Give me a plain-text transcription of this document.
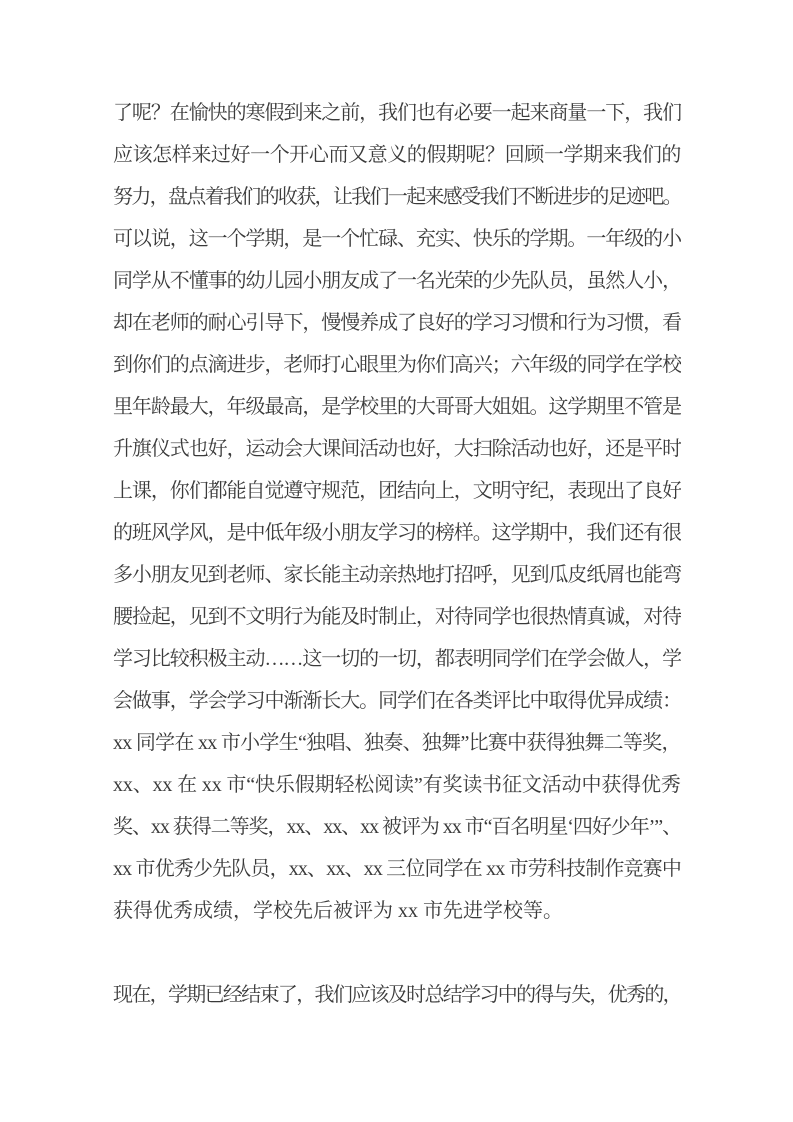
了呢？在愉快的寒假到来之前，我们也有必要一起来商量一下，我们
应该怎样来过好一个开心而又意义的假期呢？回顾一学期来我们的
努力，盘点着我们的收获，让我们一起来感受我们不断进步的足迹吧。
可以说，这一个学期，是一个忙碌、充实、快乐的学期。一年级的小
同学从不懂事的幼儿园小朋友成了一名光荣的少先队员，虽然人小，
却在老师的耐心引导下，慢慢养成了良好的学习习惯和行为习惯，看
到你们的点滴进步，老师打心眼里为你们高兴；六年级的同学在学校
里年龄最大，年级最高，是学校里的大哥哥大姐姐。这学期里不管是
升旗仪式也好，运动会大课间活动也好，大扫除活动也好，还是平时
上课，你们都能自觉遵守规范，团结向上，文明守纪，表现出了良好
的班风学风，是中低年级小朋友学习的榜样。这学期中，我们还有很
多小朋友见到老师、家长能主动亲热地打招呼，见到瓜皮纸屑也能弯
腰捡起，见到不文明行为能及时制止，对待同学也很热情真诚，对待
学习比较积极主动……这一切的一切，都表明同学们在学会做人，学
会做事，学会学习中渐渐长大。同学们在各类评比中取得优异成绩：
xx 同学在 xx 市小学生“独唱、独奏、独舞”比赛中获得独舞二等奖，
xx、xx 在 xx 市“快乐假期轻松阅读”有奖读书征文活动中获得优秀
奖、xx 获得二等奖，xx、xx、xx 被评为 xx 市“百名明星‘四好少年’”、
xx 市优秀少先队员，xx、xx、xx 三位同学在 xx 市劳科技制作竞赛中
获得优秀成绩，学校先后被评为 xx 市先进学校等。
现在，学期已经结束了，我们应该及时总结学习中的得与失，优秀的，
